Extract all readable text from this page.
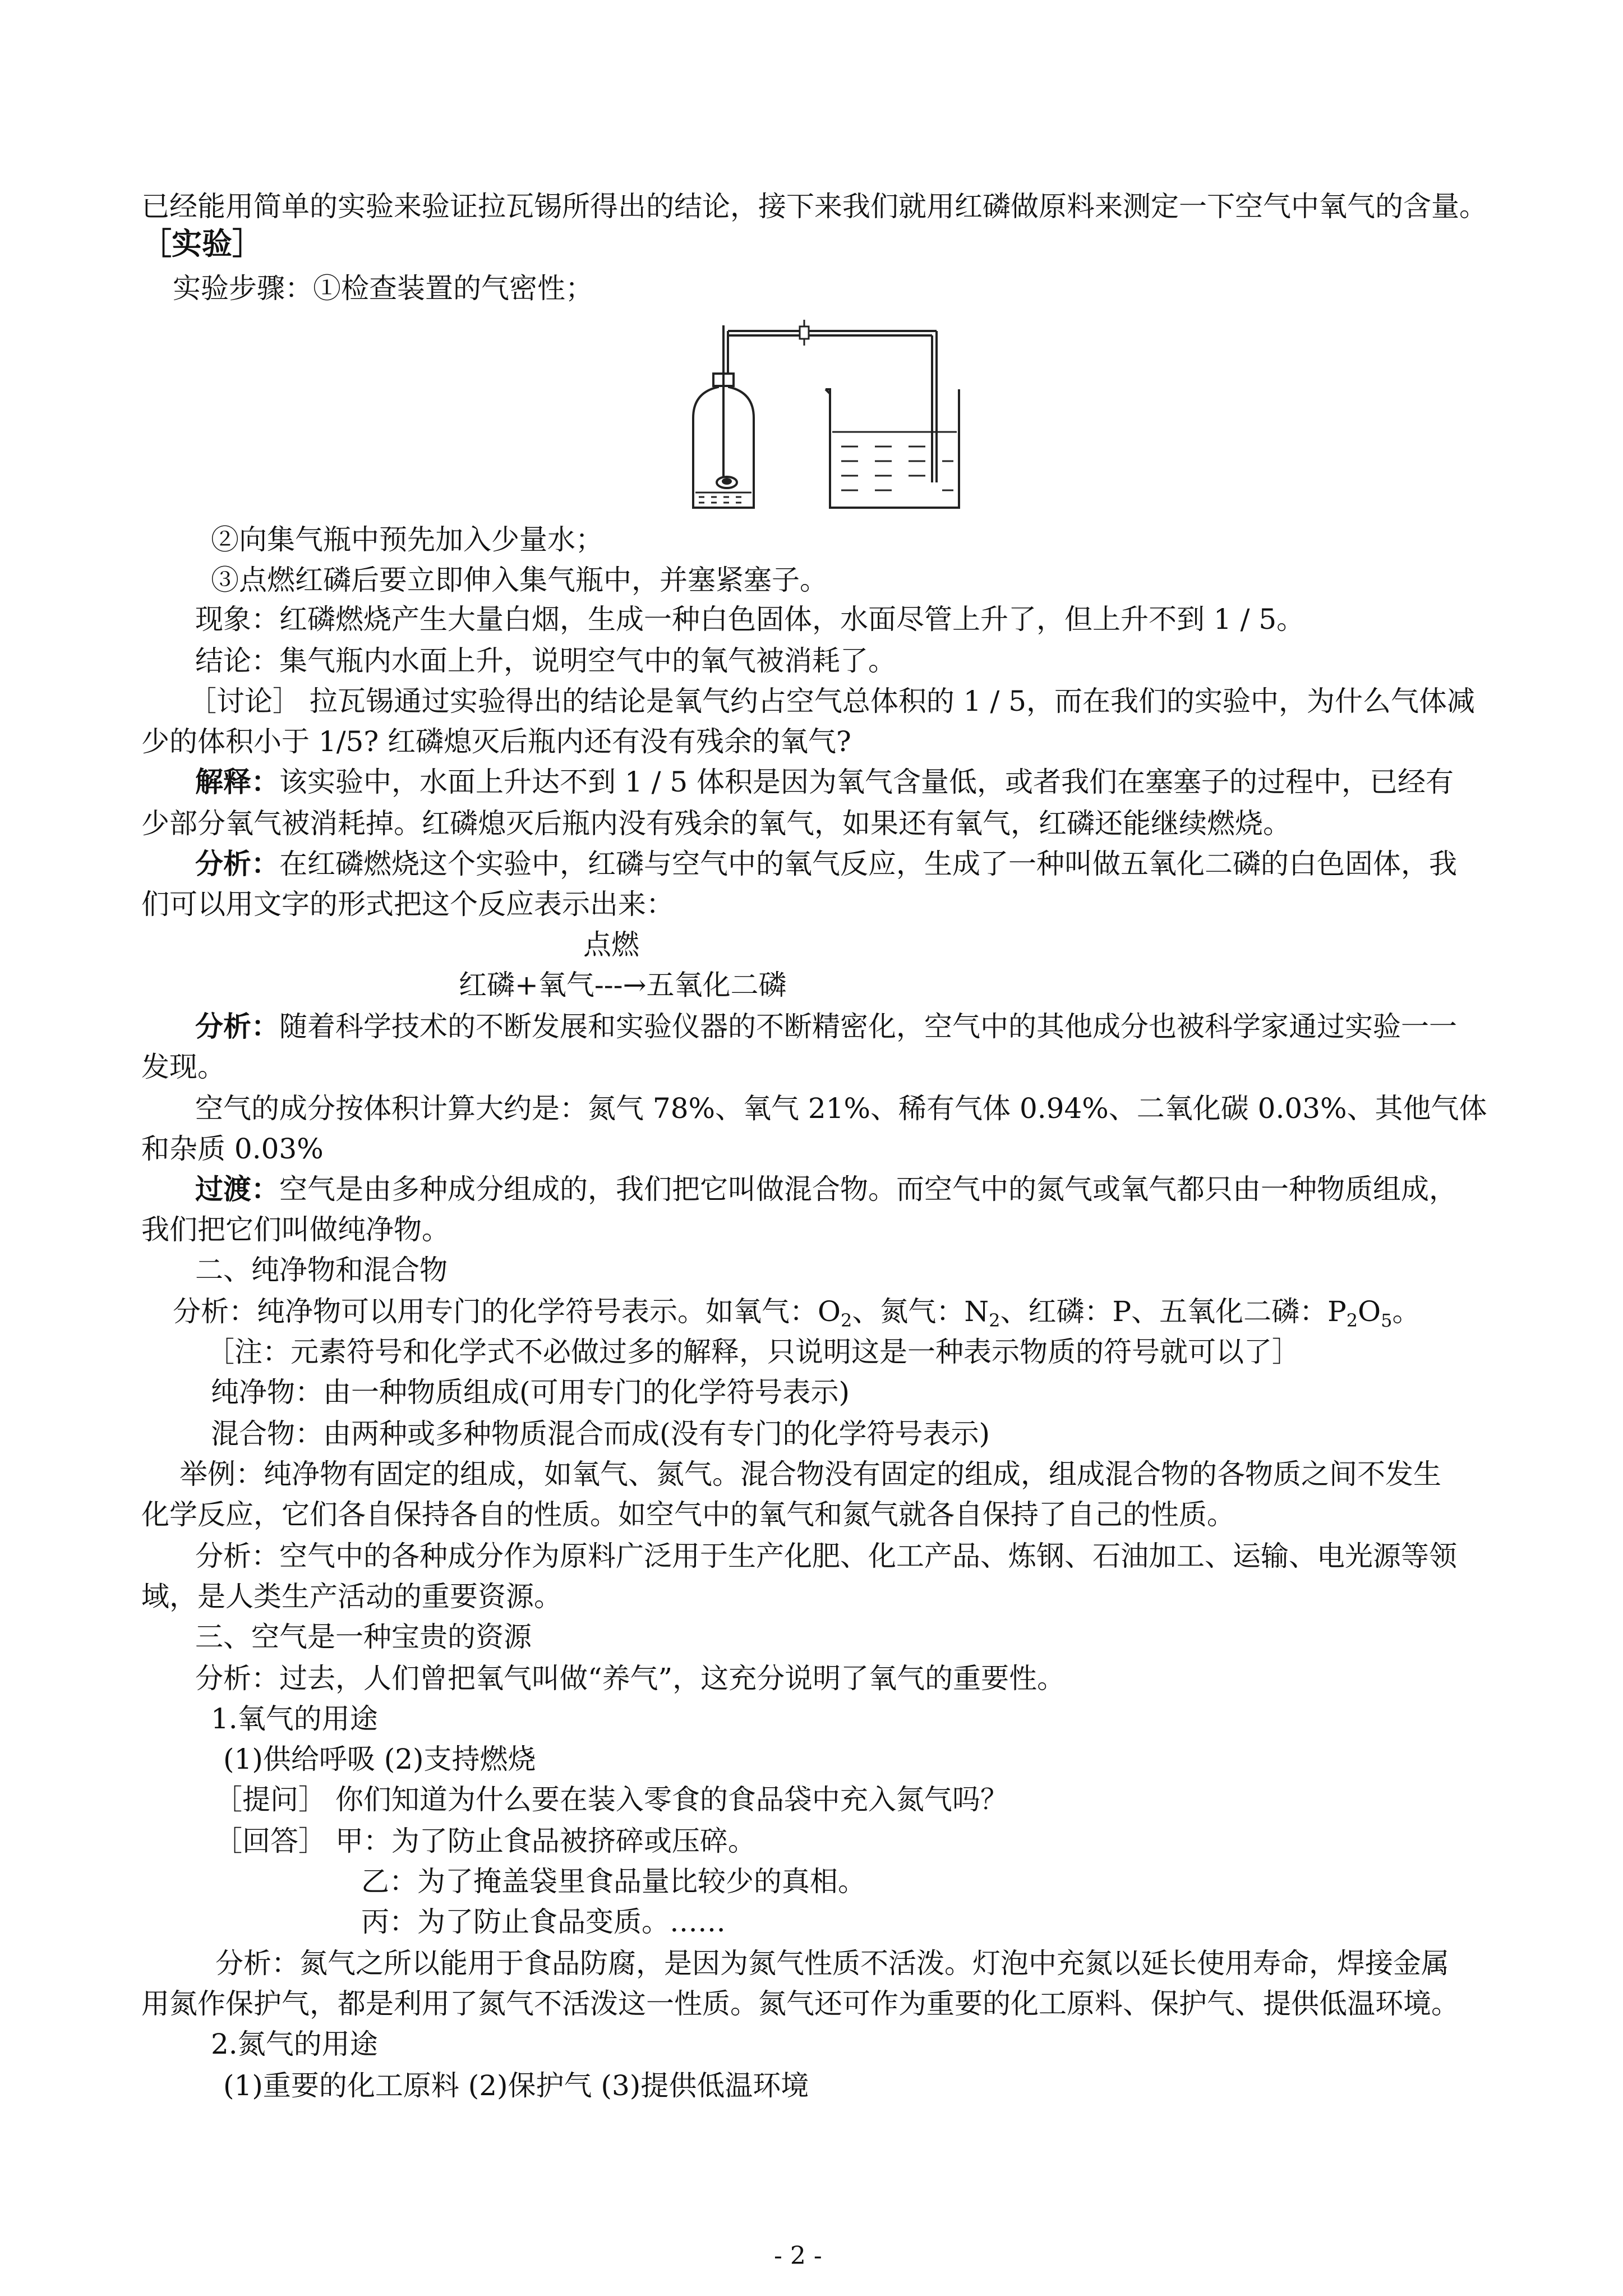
已经能用简单的实验来验证拉瓦锡所得出的结论，接下来我们就用红磷做原料来测定一下空气中氧气的含量。
［实验］
实验步骤：①检查装置的气密性；
②向集气瓶中预先加入少量水；
③点燃红磷后要立即伸入集气瓶中，并塞紧塞子。
现象：红磷燃烧产生大量白烟，生成一种白色固体，水面尽管上升了，但上升不到 1 / 5。
结论：集气瓶内水面上升，说明空气中的氧气被消耗了。
［讨论］ 拉瓦锡通过实验得出的结论是氧气约占空气总体积的 1 / 5，而在我们的实验中，为什么气体减
少的体积小于 1/5? 红磷熄灭后瓶内还有没有残余的氧气?
解释：该实验中，水面上升达不到 1 / 5 体积是因为氧气含量低，或者我们在塞塞子的过程中，已经有
少部分氧气被消耗掉。红磷熄灭后瓶内没有残余的氧气，如果还有氧气，红磷还能继续燃烧。
分析：在红磷燃烧这个实验中，红磷与空气中的氧气反应，生成了一种叫做五氧化二磷的白色固体，我
们可以用文字的形式把这个反应表示出来：
点燃
红磷+氧气---→五氧化二磷
分析：随着科学技术的不断发展和实验仪器的不断精密化，空气中的其他成分也被科学家通过实验一一
发现。
空气的成分按体积计算大约是：氮气 78%、氧气 21%、稀有气体 0.94%、二氧化碳 0.03%、其他气体
和杂质 0.03%
过渡：空气是由多种成分组成的，我们把它叫做混合物。而空气中的氮气或氧气都只由一种物质组成，
我们把它们叫做纯净物。
二、纯净物和混合物
分析：纯净物可以用专门的化学符号表示。如氧气：$O_2$、氮气：$N_2$、红磷：P、五氧化二磷：$P_2O_5$。
［注：元素符号和化学式不必做过多的解释，只说明这是一种表示物质的符号就可以了］
纯净物：由一种物质组成(可用专门的化学符号表示)
混合物：由两种或多种物质混合而成(没有专门的化学符号表示)
举例：纯净物有固定的组成，如氧气、氮气。混合物没有固定的组成，组成混合物的各物质之间不发生
化学反应，它们各自保持各自的性质。如空气中的氧气和氮气就各自保持了自己的性质。
分析：空气中的各种成分作为原料广泛用于生产化肥、化工产品、炼钢、石油加工、运输、电光源等领
域，是人类生产活动的重要资源。
三、空气是一种宝贵的资源
分析：过去，人们曾把氧气叫做“养气”，这充分说明了氧气的重要性。
1.氧气的用途
(1)供给呼吸 (2)支持燃烧
［提问］ 你们知道为什么要在装入零食的食品袋中充入氮气吗？
［回答］ 甲：为了防止食品被挤碎或压碎。
乙：为了掩盖袋里食品量比较少的真相。
丙：为了防止食品变质。……
分析：氮气之所以能用于食品防腐，是因为氮气性质不活泼。灯泡中充氮以延长使用寿命，焊接金属
用氮作保护气，都是利用了氮气不活泼这一性质。氮气还可作为重要的化工原料、保护气、提供低温环境。
2.氮气的用途
(1)重要的化工原料 (2)保护气 (3)提供低温环境
- 2 -
